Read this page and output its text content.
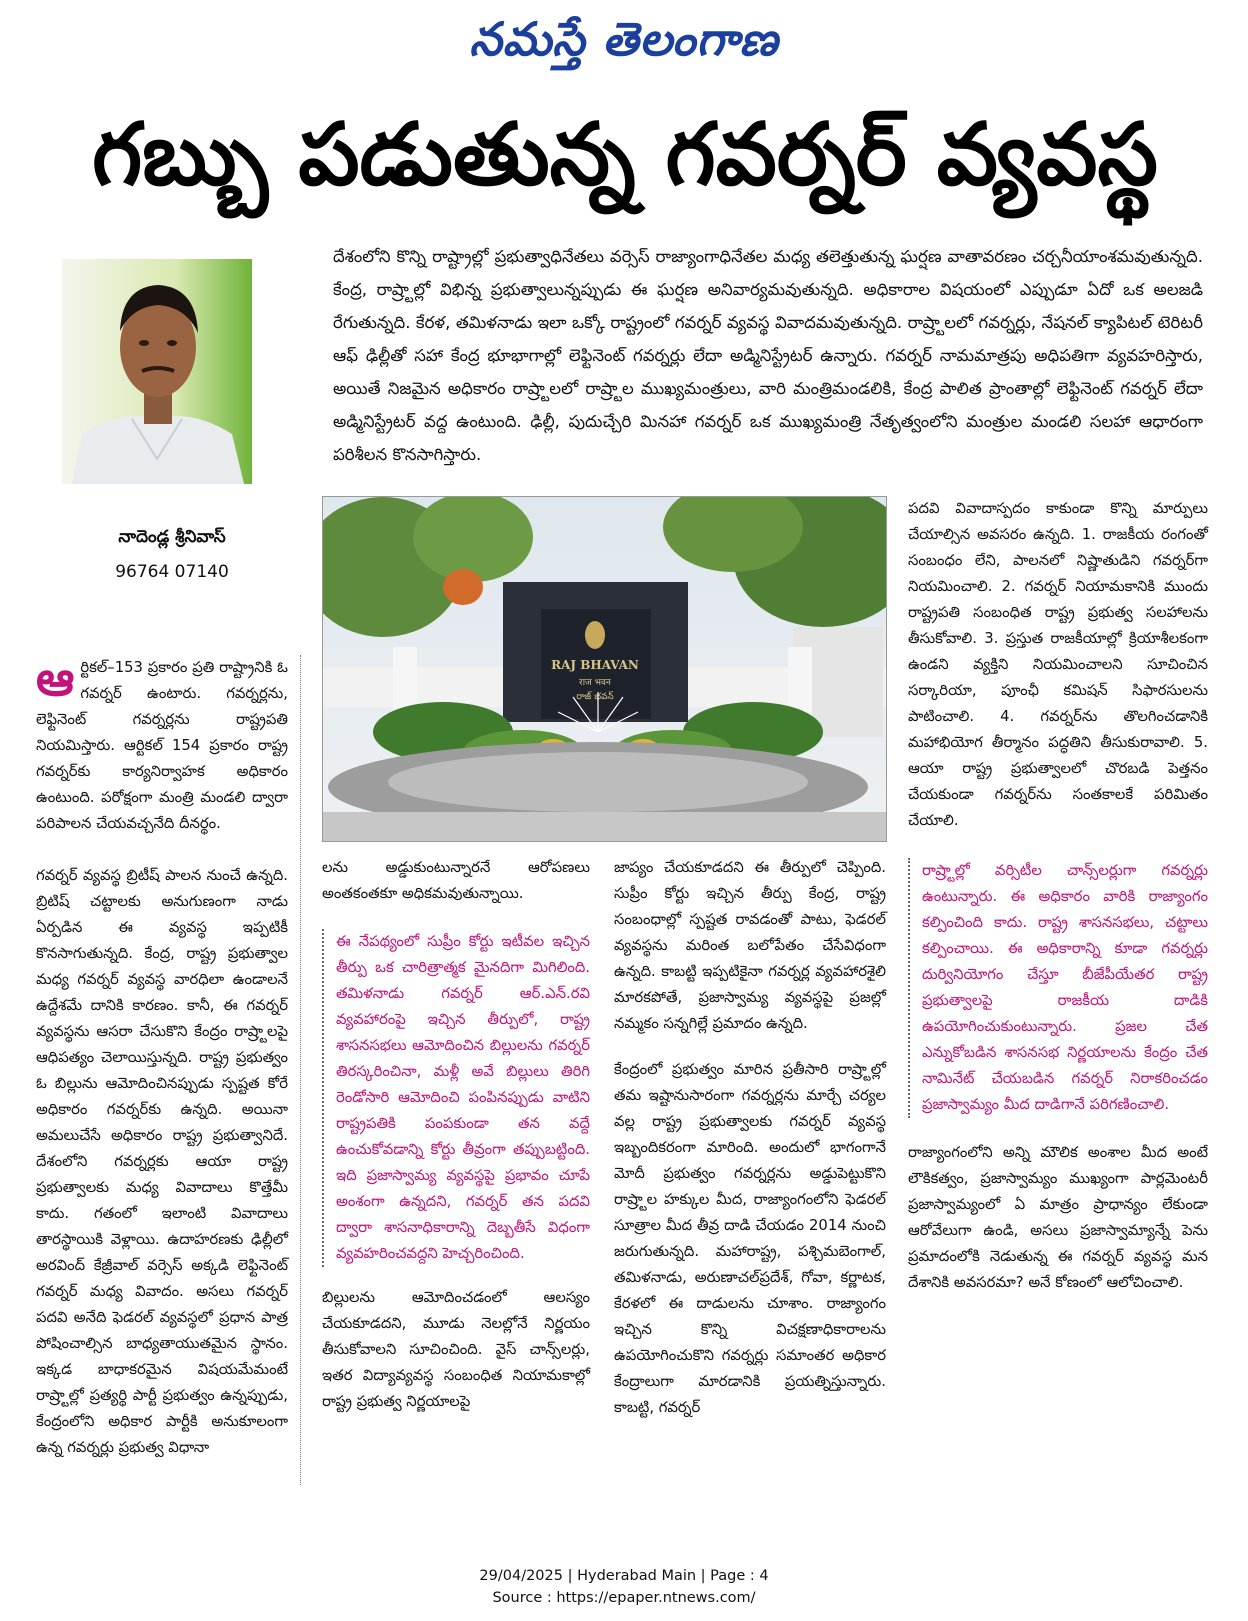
నమస్తే తెలంగాణ
గబ్బు పడుతున్న గవర్నర్ వ్యవస్థ
నాదెండ్ల శ్రీనివాస్
96764 07140
దేశంలోని కొన్ని రాష్ట్రాల్లో ప్రభుత్వాధినేతలు వర్సెస్ రాజ్యాంగాధినేతల మధ్య తలెత్తుతున్న ఘర్షణ వాతావరణం చర్చనీయాంశమవుతున్నది. కేంద్ర, రాష్ర్టాల్లో విభిన్న ప్రభుత్వాలున్నప్పుడు ఈ ఘర్షణ అనివార్యమవుతున్నది. అధికారాల విషయంలో ఎప్పుడూ ఏదో ఒక అలజడి రేగుతున్నది. కేరళ, తమిళనాడు ఇలా ఒక్కో రాష్ట్రంలో గవర్నర్ వ్యవస్థ వివాదమవుతున్నది. రాష్ర్టాలలో గవర్నర్లు, నేషనల్ క్యాపిటల్ టెరిటరీ ఆఫ్ ఢిల్లీతో సహా కేంద్ర భూభాగాల్లో లెఫ్టినెంట్ గవర్నర్లు లేదా అడ్మినిస్ట్రేటర్ ఉన్నారు. గవర్నర్ నామమాత్రపు అధిపతిగా వ్యవహరిస్తారు, అయితే నిజమైన అధికారం రాష్ర్టాలలో రాష్ర్టాల ముఖ్యమంత్రులు, వారి మంత్రిమండలికి, కేంద్ర పాలిత ప్రాంతాల్లో లెఫ్టినెంట్ గవర్నర్ లేదా అడ్మినిస్ట్రేటర్ వద్ద ఉంటుంది. ఢిల్లీ, పుదుచ్చేరి మినహా గవర్నర్ ఒక ముఖ్యమంత్రి నేతృత్వంలోని మంత్రుల మండలి సలహా ఆధారంగా పరిశీలన కొనసాగిస్తారు.
RAJ BHAVAN
राज भवन
రాజ్ భవన్

ఆర్టికల్–153 ప్రకారం ప్రతి రాష్ట్రానికి ఓ గవర్నర్ ఉంటారు. గవర్నర్లను, లెఫ్టినెంట్ గవర్నర్లను రాష్ట్రపతి నియమిస్తారు. ఆర్టికల్ 154 ప్రకారం రాష్ట్ర గవర్నర్‌కు కార్యనిర్వాహక అధికారం ఉంటుంది. పరోక్షంగా మంత్రి మండలి ద్వారా పరిపాలన చేయవచ్చనేది దీనర్థం.

గవర్నర్ వ్యవస్థ బ్రిటీష్ పాలన నుంచే ఉన్నది. బ్రిటిష్ చట్టాలకు అనుగుణంగా నాడు ఏర్పడిన ఈ వ్యవస్థ ఇప్పటికీ కొనసాగుతున్నది. కేంద్ర, రాష్ట్ర ప్రభుత్వాల మధ్య గవర్నర్ వ్యవస్థ వారధిలా ఉండాలనే ఉద్దేశమే దానికి కారణం. కానీ, ఈ గవర్నర్ వ్యవస్థను ఆసరా చేసుకొని కేంద్రం రాష్ర్టాలపై ఆధిపత్యం చెలాయిస్తున్నది. రాష్ట్ర ప్రభుత్వం ఓ బిల్లును ఆమోదించినప్పుడు స్పష్టత కోరే అధికారం గవర్నర్‌కు ఉన్నది. అయినా అమలుచేసే అధికారం రాష్ట్ర ప్రభుత్వానిదే. దేశంలోని గవర్నర్లకు ఆయా రాష్ట్ర ప్రభుత్వాలకు మధ్య వివాదాలు కొత్తేమీ కాదు. గతంలో ఇలాంటి వివాదాలు తారస్థాయికి వెళ్లాయి. ఉదాహరణకు ఢిల్లీలో అరవింద్ కేజ్రీవాల్ వర్సెస్ అక్కడి లెఫ్టినెంట్ గవర్నర్ మధ్య వివాదం. అసలు గవర్నర్ పదవి అనేది ఫెడరల్ వ్యవస్థలో ప్రధాన పాత్ర పోషించాల్సిన బాధ్యతాయుతమైన స్థానం. ఇక్కడ బాధాకరమైన విషయమేమంటే రాష్ర్టాల్లో ప్రత్యర్థి పార్టీ ప్రభుత్వం ఉన్నప్పుడు, కేంద్రంలోని అధికార పార్టీకి అనుకూలంగా ఉన్న గవర్నర్లు ప్రభుత్వ విధానా

లను అడ్డుకుంటున్నారనే ఆరోపణలు అంతకంతకూ అధికమవుతున్నాయి.

ఈ నేపథ్యంలో సుప్రీం కోర్టు ఇటీవల ఇచ్చిన తీర్పు ఒక చారిత్రాత్మక మైనదిగా మిగిలింది. తమిళనాడు గవర్నర్ ఆర్.ఎన్.రవి వ్యవహారంపై ఇచ్చిన తీర్పులో, రాష్ట్ర శాసనసభలు ఆమోదించిన బిల్లులను గవర్నర్ తిరస్కరించినా, మళ్లీ అవే బిల్లులు తిరిగి రెండోసారి ఆమోదించి పంపినప్పుడు వాటిని రాష్ట్రపతికి పంపకుండా తన వద్దే ఉంచుకోవడాన్ని కోర్టు తీవ్రంగా తప్పుబట్టింది. ఇది ప్రజాస్వామ్య వ్యవస్థపై ప్రభావం చూపే అంశంగా ఉన్నదని, గవర్నర్ తన పదవి ద్వారా శాసనాధికారాన్ని దెబ్బతీసే విధంగా వ్యవహరించవద్దని హెచ్చరించింది.

బిల్లులను ఆమోదించడంలో ఆలస్యం చేయకూడదని, మూడు నెలల్లోనే నిర్ణయం తీసుకోవాలని సూచించింది. వైస్ చాన్స్‌లర్లు, ఇతర విద్యావ్యవస్థ సంబంధిత నియామకాల్లో రాష్ట్ర ప్రభుత్వ నిర్ణయాలపై

జాప్యం చేయకూడదని ఈ తీర్పులో చెప్పింది. సుప్రీం కోర్టు ఇచ్చిన తీర్పు కేంద్ర, రాష్ట్ర సంబంధాల్లో స్పష్టత రావడంతో పాటు, ఫెడరల్ వ్యవస్థను మరింత బలోపేతం చేసేవిధంగా ఉన్నది. కాబట్టి ఇప్పటికైనా గవర్నర్ల వ్యవహారశైలి మారకపోతే, ప్రజాస్వామ్య వ్యవస్థపై ప్రజల్లో నమ్మకం సన్నగిల్లే ప్రమాదం ఉన్నది.

కేంద్రంలో ప్రభుత్వం మారిన ప్రతీసారి రాష్ర్టాల్లో తమ ఇష్టానుసారంగా గవర్నర్లను మార్చే చర్యల వల్ల రాష్ట్ర ప్రభుత్వాలకు గవర్నర్ వ్యవస్థ ఇబ్బందికరంగా మారింది. అందులో భాగంగానే మోదీ ప్రభుత్వం గవర్నర్లను అడ్డుపెట్టుకొని రాష్ర్టాల హక్కుల మీద, రాజ్యాంగంలోని ఫెడరల్ సూత్రాల మీద తీవ్ర దాడి చేయడం 2014 నుంచి జరుగుతున్నది. మహారాష్ట్ర, పశ్చిమబెంగాల్, తమిళనాడు, అరుణాచల్‌ప్రదేశ్, గోవా, కర్ణాటక, కేరళలో ఈ దాడులను చూశాం. రాజ్యాంగం ఇచ్చిన కొన్ని విచక్షణాధికారాలను ఉపయోగించుకొని గవర్నర్లు సమాంతర అధికార కేంద్రాలుగా మారడానికి ప్రయత్నిస్తున్నారు. కాబట్టి, గవర్నర్

పదవి వివాదాస్పదం కాకుండా కొన్ని మార్పులు చేయాల్సిన అవసరం ఉన్నది. 1. రాజకీయ రంగంతో సంబంధం లేని, పాలనలో నిష్ణాతుడిని గవర్నర్‌గా నియమించాలి. 2. గవర్నర్ నియామకానికి ముందు రాష్ట్రపతి సంబంధిత రాష్ట్ర ప్రభుత్వ సలహాలను తీసుకోవాలి. 3. ప్రస్తుత రాజకీయాల్లో క్రియాశీలకంగా ఉండని వ్యక్తిని నియమించాలని సూచించిన సర్కారియా, పూంఛీ కమిషన్ సిఫారసులను పాటించాలి. 4. గవర్నర్‌ను తొలగించడానికి మహాభియోగ తీర్మానం పద్ధతిని తీసుకురావాలి. 5. ఆయా రాష్ట్ర ప్రభుత్వాలలో చొరబడి పెత్తనం చేయకుండా గవర్నర్‌ను సంతకాలకే పరిమితం చేయాలి.

రాష్ర్టాల్లో వర్సిటీల చాన్స్‌లర్లుగా గవర్నర్లు ఉంటున్నారు. ఈ అధికారం వారికి రాజ్యాంగం కల్పించింది కాదు. రాష్ట్ర శాసనసభలు, చట్టాలు కల్పించాయి. ఈ అధికారాన్ని కూడా గవర్నర్లు దుర్వినియోగం చేస్తూ బీజేపీయేతర రాష్ట్ర ప్రభుత్వాలపై రాజకీయ దాడికి ఉపయోగించుకుంటున్నారు. ప్రజల చేత ఎన్నుకోబడిన శాసనసభ నిర్ణయాలను కేంద్రం చేత నామినేట్ చేయబడిన గవర్నర్ నిరాకరించడం ప్రజాస్వామ్యం మీద దాడిగానే పరిగణించాలి.

రాజ్యాంగంలోని అన్ని మౌలిక అంశాల మీద అంటే లౌకికత్వం, ప్రజాస్వామ్యం ముఖ్యంగా పార్లమెంటరీ ప్రజాస్వామ్యంలో ఏ మాత్రం ప్రాధాన్యం లేకుండా ఆరోవేలుగా ఉండి, అసలు ప్రజాస్వామ్యాన్నే పెను ప్రమాదంలోకి నెడుతున్న ఈ గవర్నర్ వ్యవస్థ మన దేశానికి అవసరమా? అనే కోణంలో ఆలోచించాలి.

29/04/2025 | Hyderabad Main | Page : 4
Source : https://epaper.ntnews.com/
